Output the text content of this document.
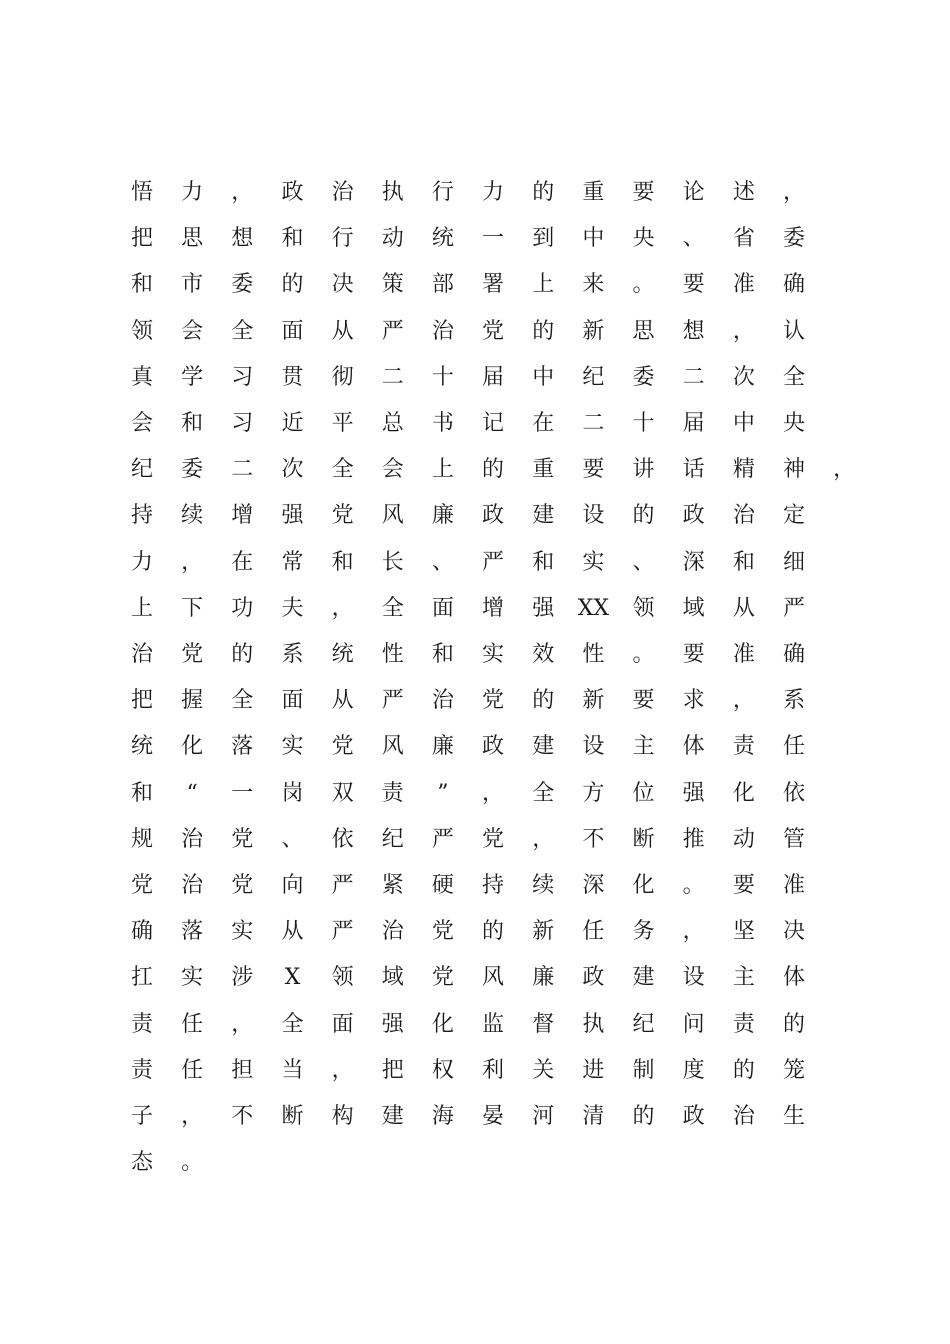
悟 力 ， 政 治 执 行 力 的 重 要 论 述 ，
把 思 想 和 行 动 统 一 到 中 央 、 省 委
和 市 委 的 决 策 部 署 上 来 。 要 准 确
领 会 全 面 从 严 治 党 的 新 思 想 ， 认
真 学 习 贯 彻 二 十 届 中 纪 委 二 次 全
会 和 习 近 平 总 书 记 在 二 十 届 中 央
纪 委 二 次 全 会 上 的 重 要 讲 话 精 神 ，
持 续 增 强 党 风 廉 政 建 设 的 政 治 定
力 ， 在 常 和 长 、 严 和 实 、 深 和 细
上 下 功 夫 ， 全 面 增 强 XX 领 域 从 严
治 党 的 系 统 性 和 实 效 性 。 要 准 确
把 握 全 面 从 严 治 党 的 新 要 求 ， 系
统 化 落 实 党 风 廉 政 建 设 主 体 责 任
和	“	一 岗 双 责	”	， 全 方 位 强 化 依
规 治 党 、 依 纪 严 党 ， 不 断 推 动 管
党 治 党 向 严 紧 硬 持 续 深 化 。 要 准
确 落 实 从 严 治 党 的 新 任 务 ， 坚 决
扛 实 涉 X 领 域 党 风 廉 政 建 设 主 体
责 任 ， 全 面 强 化 监 督 执 纪 问 责 的
责 任 担 当 ， 把 权 利 关 进 制 度 的 笼
子 ， 不 断 构 建 海 晏 河 清 的 政 治 生
态 。
